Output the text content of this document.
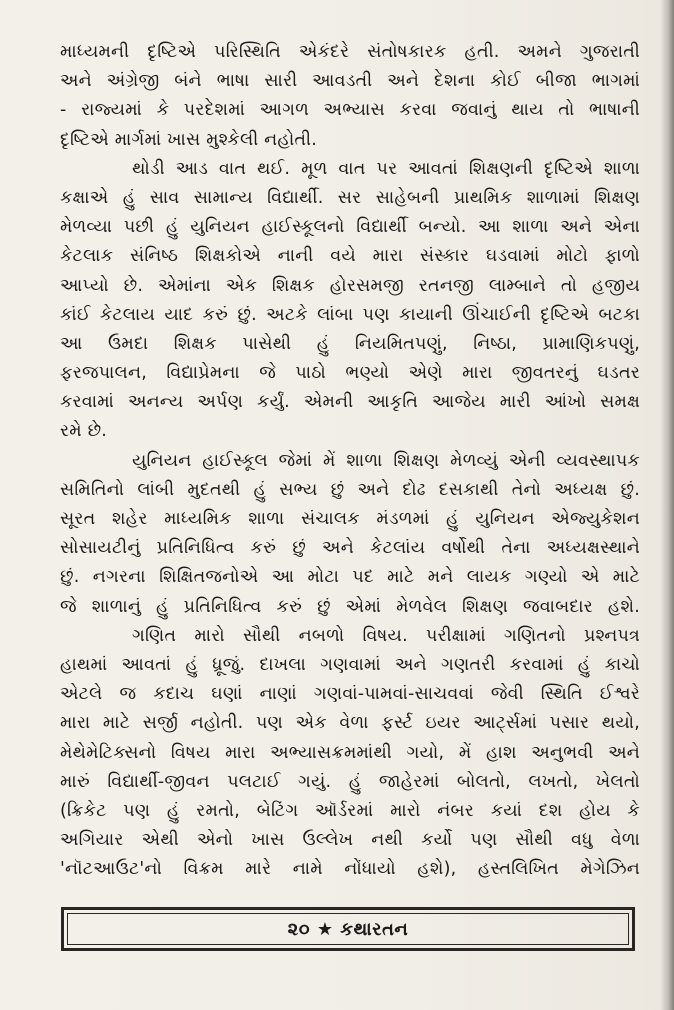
માધ્યમની દૃષ્ટિએ પરિસ્થિતિ એકંદરે સંતોષકારક હતી. અમને ગુજરાતી
અને અંગ્રેજી બંને ભાષા સારી આવડતી અને દેશના કોઈ બીજા ભાગમાં
- રાજ્યમાં કે પરદેશમાં આગળ અભ્યાસ કરવા જવાનું થાય તો ભાષાની
દૃષ્ટિએ માર્ગમાં ખાસ મુશ્કેલી નહોતી.
થોડી આડ વાત થઈ. મૂળ વાત પર આવતાં શિક્ષણની દૃષ્ટિએ શાળા
કક્ષાએ હું સાવ સામાન્ય વિદ્યાર્થી. સર સાહેબની પ્રાથમિક શાળામાં શિક્ષણ
મેળવ્યા પછી હું યુનિયન હાઈસ્કૂલનો વિદ્યાર્થી બન્યો. આ શાળા અને એના
કેટલાક સંનિષ્ઠ શિક્ષકોએ નાની વયે મારા સંસ્કાર ઘડવામાં મોટો ફાળો
આપ્યો છે. એમાંના એક શિક્ષક હોરસમજી રતનજી લામ્બાને તો હજીય
કાંઈ કેટલાય યાદ કરું છું. અટકે લાંબા પણ કાયાની ઊંચાઈની દૃષ્ટિએ બટકા
આ ઉમદા શિક્ષક પાસેથી હું નિયમિતપણું, નિષ્ઠા, પ્રામાણિકપણું,
ફરજપાલન, વિદ્યાપ્રેમના જે પાઠો ભણ્યો એણે મારા જીવતરનું ઘડતર
કરવામાં અનન્ય અર્પણ કર્યું. એમની આકૃતિ આજેય મારી આંખો સમક્ષ
રમે છે.
યુનિયન હાઈસ્કૂલ જેમાં મેં શાળા શિક્ષણ મેળવ્યું એની વ્યવસ્થાપક
સમિતિનો લાંબી મુદતથી હું સભ્ય છું અને દોઢ દસકાથી તેનો અધ્યક્ષ છું.
સૂરત શહેર માધ્યમિક શાળા સંચાલક મંડળમાં હું યુનિયન એજ્યુકેશન
સોસાયટીનું પ્રતિનિધિત્વ કરું છું અને કેટલાંય વર્ષોથી તેના અધ્યક્ષસ્થાને
છું. નગરના શિક્ષિતજનોએ આ મોટા પદ માટે મને લાયક ગણ્યો એ માટે
જે શાળાનું હું પ્રતિનિધિત્વ કરું છું એમાં મેળવેલ શિક્ષણ જવાબદાર હશે.
ગણિત મારો સૌથી નબળો વિષય. પરીક્ષામાં ગણિતનો પ્રશ્નપત્ર
હાથમાં આવતાં હું ધ્રૂજું. દાખલા ગણવામાં અને ગણતરી કરવામાં હું કાચો
એટલે જ કદાચ ઘણાં નાણાં ગણવાં-પામવાં-સાચવવાં જેવી સ્થિતિ ઈશ્વરે
મારા માટે સર્જી નહોતી. પણ એક વેળા ફર્સ્ટ ઇયર આર્ટ્સમાં પસાર થયો,
મેથેમેટિક્સનો વિષય મારા અભ્યાસક્રમમાંથી ગયો, મેં હાશ અનુભવી અને
મારું વિદ્યાર્થી-જીવન પલટાઈ ગયું. હું જાહેરમાં બોલતો, લખતો, ખેલતો
(ક્રિકેટ પણ હું રમતો, બેટિંગ ઑર્ડરમાં મારો નંબર કયાં દશ હોય કે
અગિયાર એથી એનો ખાસ ઉલ્લેખ નથી કર્યો પણ સૌથી વધુ વેળા
'નૉટઆઉટ'નો વિક્રમ મારે નામે નોંધાયો હશે), હસ્તલિખિત મેગેઝિન
૨૦ ★ કથારતન
